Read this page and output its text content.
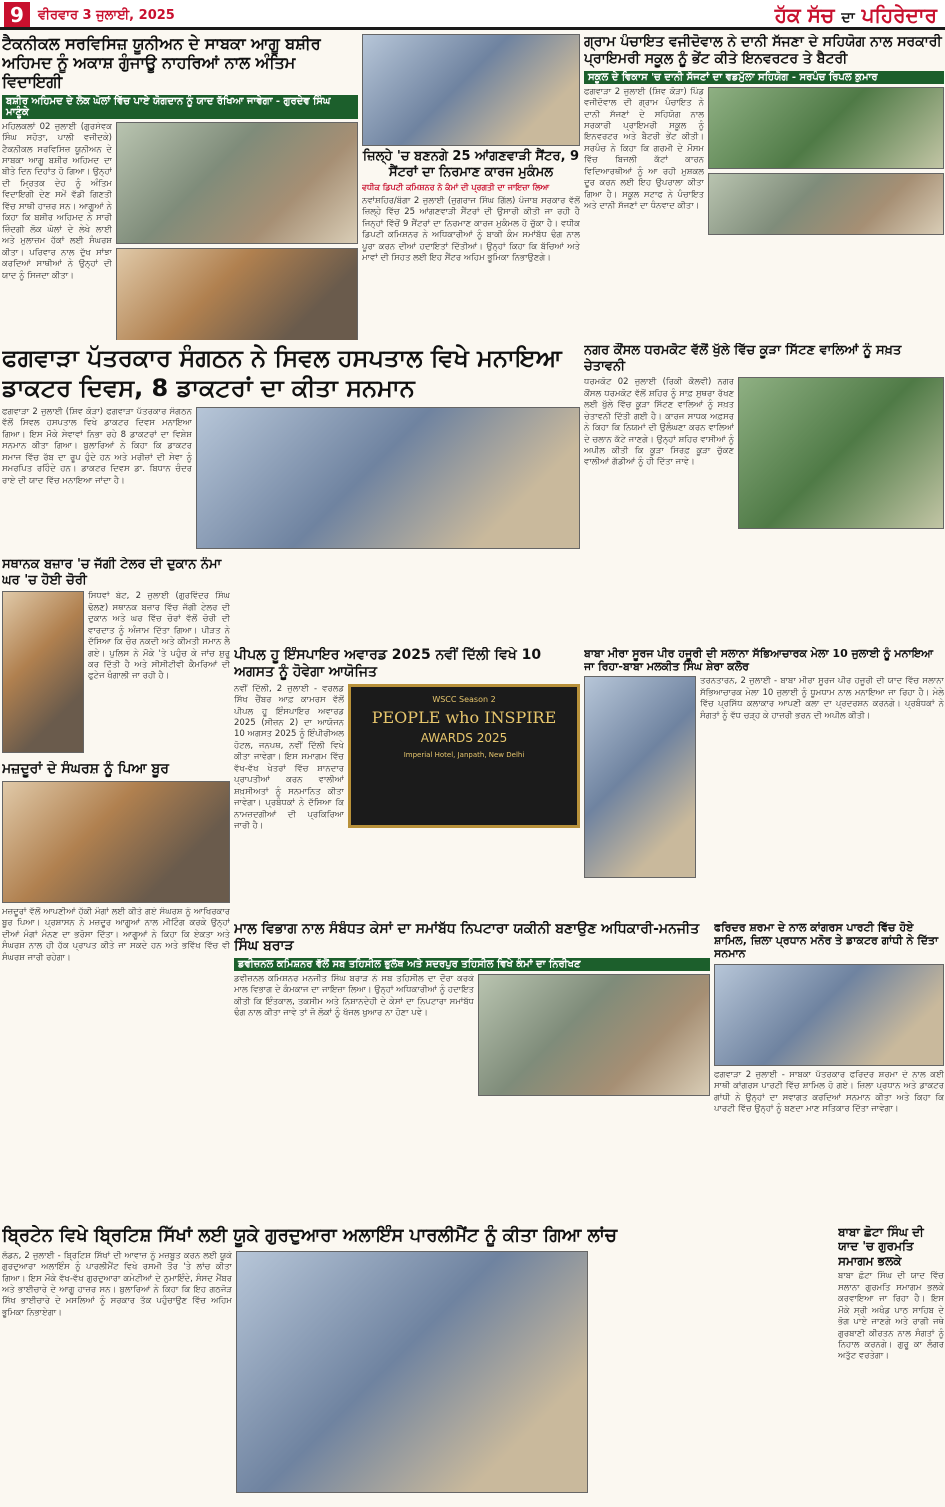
9	ਵੀਰਵਾਰ 3 ਜੁਲਾਈ, 2025	ਹੱਕ ਸੱਚ ਦਾ ਪਹਿਰੇਦਾਰ
ਟੈਕਨੀਕਲ ਸਰਵਿਸਿਜ਼ ਯੂਨੀਅਨ ਦੇ ਸਾਬਕਾ ਆਗੂ ਬਸ਼ੀਰ ਅਹਿਮਦ ਨੂੰ ਅਕਾਸ਼ ਗੁੰਜਾਊ ਨਾਹਰਿਆਂ ਨਾਲ ਅੰਤਿਮ ਵਿਦਾਇਗੀ
ਬਸ਼ੀਰ ਅਹਿਮਦ ਦੇ ਲੋਕ ਘੋਲਾਂ ਵਿੱਚ ਪਾਏ ਯੋਗਦਾਨ ਨੂੰ ਯਾਦ ਰੱਖਿਆ ਜਾਵੇਗਾ - ਗੁਰਦੇਵ ਸਿੰਘ ਮਾਣੂੰਕੇ
ਮਹਿਲਕਲਾਂ 02 ਜੁਲਾਈ (ਗੁਰਸੇਵਕ ਸਿੰਘ ਸਹੋਤਾ, ਪਾਲੀ ਵਜੀਦਕੇ) ਟੈਕਨੀਕਲ ਸਰਵਿਸਿਜ਼ ਯੂਨੀਅਨ ਦੇ ਸਾਬਕਾ ਆਗੂ ਬਸ਼ੀਰ ਅਹਿਮਦ ਦਾ ਬੀਤੇ ਦਿਨ ਦਿਹਾਂਤ ਹੋ ਗਿਆ। ਉਨ੍ਹਾਂ ਦੀ ਮ੍ਰਿਤਕ ਦੇਹ ਨੂੰ ਅੰਤਿਮ ਵਿਦਾਇਗੀ ਦੇਣ ਸਮੇਂ ਵੱਡੀ ਗਿਣਤੀ ਵਿੱਚ ਸਾਥੀ ਹਾਜ਼ਰ ਸਨ। ਆਗੂਆਂ ਨੇ ਕਿਹਾ ਕਿ ਬਸ਼ੀਰ ਅਹਿਮਦ ਨੇ ਸਾਰੀ ਜ਼ਿੰਦਗੀ ਲੋਕ ਘੋਲਾਂ ਦੇ ਲੇਖੇ ਲਾਈ ਅਤੇ ਮੁਲਾਜ਼ਮ ਹੱਕਾਂ ਲਈ ਸੰਘਰਸ਼ ਕੀਤਾ। ਪਰਿਵਾਰ ਨਾਲ ਦੁੱਖ ਸਾਂਝਾ ਕਰਦਿਆਂ ਸਾਥੀਆਂ ਨੇ ਉਨ੍ਹਾਂ ਦੀ ਯਾਦ ਨੂੰ ਸਿਜਦਾ ਕੀਤਾ।
ਜ਼ਿਲ੍ਹੇ 'ਚ ਬਣਨਗੇ 25 ਆਂਗਣਵਾੜੀ ਸੈਂਟਰ, 9 ਸੈਂਟਰਾਂ ਦਾ ਨਿਰਮਾਣ ਕਾਰਜ ਮੁਕੰਮਲ
ਵਧੀਕ ਡਿਪਟੀ ਕਮਿਸ਼ਨਰ ਨੇ ਕੰਮਾਂ ਦੀ ਪ੍ਰਗਤੀ ਦਾ ਜਾਇਜ਼ਾ ਲਿਆ
ਨਵਾਂਸ਼ਹਿਰ/ਬੰਗਾ 2 ਜੁਲਾਈ (ਜੁਗਰਾਜ ਸਿੰਘ ਗਿੱਲ) ਪੰਜਾਬ ਸਰਕਾਰ ਵੱਲੋਂ ਜ਼ਿਲ੍ਹੇ ਵਿੱਚ 25 ਆਂਗਣਵਾੜੀ ਸੈਂਟਰਾਂ ਦੀ ਉਸਾਰੀ ਕੀਤੀ ਜਾ ਰਹੀ ਹੈ ਜਿਨ੍ਹਾਂ ਵਿੱਚੋਂ 9 ਸੈਂਟਰਾਂ ਦਾ ਨਿਰਮਾਣ ਕਾਰਜ ਮੁਕੰਮਲ ਹੋ ਚੁੱਕਾ ਹੈ। ਵਧੀਕ ਡਿਪਟੀ ਕਮਿਸ਼ਨਰ ਨੇ ਅਧਿਕਾਰੀਆਂ ਨੂੰ ਬਾਕੀ ਕੰਮ ਸਮਾਂਬੱਧ ਢੰਗ ਨਾਲ ਪੂਰਾ ਕਰਨ ਦੀਆਂ ਹਦਾਇਤਾਂ ਦਿੱਤੀਆਂ। ਉਨ੍ਹਾਂ ਕਿਹਾ ਕਿ ਬੱਚਿਆਂ ਅਤੇ ਮਾਵਾਂ ਦੀ ਸਿਹਤ ਲਈ ਇਹ ਸੈਂਟਰ ਅਹਿਮ ਭੂਮਿਕਾ ਨਿਭਾਉਣਗੇ।
ਗ੍ਰਾਮ ਪੰਚਾਇਤ ਵਜੀਦੋਵਾਲ ਨੇ ਦਾਨੀ ਸੱਜਣਾ ਦੇ ਸਹਿਯੋਗ ਨਾਲ ਸਰਕਾਰੀ ਪ੍ਰਾਇਮਰੀ ਸਕੂਲ ਨੂੰ ਭੇਂਟ ਕੀਤੇ ਇਨਵਰਟਰ ਤੇ ਬੈਟਰੀ
ਸਕੂਲ ਦੇ ਵਿਕਾਸ 'ਚ ਦਾਨੀ ਸੱਜਣਾਂ ਦਾ ਵਡਮੁੱਲਾ ਸਹਿਯੋਗ - ਸਰਪੰਚ ਰਿਪਲ ਕੁਮਾਰ
ਫਗਵਾੜਾ 2 ਜੁਲਾਈ (ਸ਼ਿਵ ਕੋੜਾ) ਪਿੰਡ ਵਜੀਦੋਵਾਲ ਦੀ ਗ੍ਰਾਮ ਪੰਚਾਇਤ ਨੇ ਦਾਨੀ ਸੱਜਣਾਂ ਦੇ ਸਹਿਯੋਗ ਨਾਲ ਸਰਕਾਰੀ ਪ੍ਰਾਇਮਰੀ ਸਕੂਲ ਨੂੰ ਇਨਵਰਟਰ ਅਤੇ ਬੈਟਰੀ ਭੇਂਟ ਕੀਤੀ। ਸਰਪੰਚ ਨੇ ਕਿਹਾ ਕਿ ਗਰਮੀ ਦੇ ਮੌਸਮ ਵਿੱਚ ਬਿਜਲੀ ਕੱਟਾਂ ਕਾਰਨ ਵਿਦਿਆਰਥੀਆਂ ਨੂੰ ਆ ਰਹੀ ਮੁਸ਼ਕਲ ਦੂਰ ਕਰਨ ਲਈ ਇਹ ਉਪਰਾਲਾ ਕੀਤਾ ਗਿਆ ਹੈ। ਸਕੂਲ ਸਟਾਫ ਨੇ ਪੰਚਾਇਤ ਅਤੇ ਦਾਨੀ ਸੱਜਣਾਂ ਦਾ ਧੰਨਵਾਦ ਕੀਤਾ।
ਫਗਵਾੜਾ ਪੱਤਰਕਾਰ ਸੰਗਠਨ ਨੇ ਸਿਵਲ ਹਸਪਤਾਲ ਵਿਖੇ ਮਨਾਇਆ ਡਾਕਟਰ ਦਿਵਸ, 8 ਡਾਕਟਰਾਂ ਦਾ ਕੀਤਾ ਸਨਮਾਨ
ਫਗਵਾੜਾ 2 ਜੁਲਾਈ (ਸ਼ਿਵ ਕੋੜਾ) ਫਗਵਾੜਾ ਪੱਤਰਕਾਰ ਸੰਗਠਨ ਵੱਲੋਂ ਸਿਵਲ ਹਸਪਤਾਲ ਵਿਖੇ ਡਾਕਟਰ ਦਿਵਸ ਮਨਾਇਆ ਗਿਆ। ਇਸ ਮੌਕੇ ਸੇਵਾਵਾਂ ਨਿਭਾ ਰਹੇ 8 ਡਾਕਟਰਾਂ ਦਾ ਵਿਸ਼ੇਸ਼ ਸਨਮਾਨ ਕੀਤਾ ਗਿਆ। ਬੁਲਾਰਿਆਂ ਨੇ ਕਿਹਾ ਕਿ ਡਾਕਟਰ ਸਮਾਜ ਵਿੱਚ ਰੱਬ ਦਾ ਰੂਪ ਹੁੰਦੇ ਹਨ ਅਤੇ ਮਰੀਜ਼ਾਂ ਦੀ ਸੇਵਾ ਨੂੰ ਸਮਰਪਿਤ ਰਹਿੰਦੇ ਹਨ। ਡਾਕਟਰ ਦਿਵਸ ਡਾ. ਬਿਧਾਨ ਚੰਦਰ ਰਾਏ ਦੀ ਯਾਦ ਵਿੱਚ ਮਨਾਇਆ ਜਾਂਦਾ ਹੈ।
ਨਗਰ ਕੌਂਸਲ ਧਰਮਕੋਟ ਵੱਲੋਂ ਖੁੱਲੇ ਵਿੱਚ ਕੂੜਾ ਸਿੱਟਣ ਵਾਲਿਆਂ ਨੂੰ ਸਖ਼ਤ ਚੇਤਾਵਨੀ
ਧਰਮਕੋਟ 02 ਜੁਲਾਈ (ਰਿਕੀ ਕੈਲਵੀ) ਨਗਰ ਕੌਂਸਲ ਧਰਮਕੋਟ ਵੱਲੋਂ ਸ਼ਹਿਰ ਨੂੰ ਸਾਫ਼ ਸੁਥਰਾ ਰੱਖਣ ਲਈ ਖੁੱਲੇ ਵਿੱਚ ਕੂੜਾ ਸਿੱਟਣ ਵਾਲਿਆਂ ਨੂੰ ਸਖ਼ਤ ਚੇਤਾਵਨੀ ਦਿੱਤੀ ਗਈ ਹੈ। ਕਾਰਜ ਸਾਧਕ ਅਫ਼ਸਰ ਨੇ ਕਿਹਾ ਕਿ ਨਿਯਮਾਂ ਦੀ ਉਲੰਘਣਾ ਕਰਨ ਵਾਲਿਆਂ ਦੇ ਚਲਾਨ ਕੱਟੇ ਜਾਣਗੇ। ਉਨ੍ਹਾਂ ਸ਼ਹਿਰ ਵਾਸੀਆਂ ਨੂੰ ਅਪੀਲ ਕੀਤੀ ਕਿ ਕੂੜਾ ਸਿਰਫ਼ ਕੂੜਾ ਚੁੱਕਣ ਵਾਲੀਆਂ ਗੱਡੀਆਂ ਨੂੰ ਹੀ ਦਿੱਤਾ ਜਾਵੇ।
ਸਥਾਨਕ ਬਜ਼ਾਰ 'ਚ ਜੱਗੀ ਟੇਲਰ ਦੀ ਦੁਕਾਨ ਨੰਮਾ ਘਰ 'ਚ ਹੋਈ ਚੋਰੀ
ਸਿਧਵਾਂ ਬੇਟ, 2 ਜੁਲਾਈ (ਗੁਰਵਿੰਦਰ ਸਿੰਘ ਢੋਲਣ) ਸਥਾਨਕ ਬਜ਼ਾਰ ਵਿੱਚ ਜੱਗੀ ਟੇਲਰ ਦੀ ਦੁਕਾਨ ਅਤੇ ਘਰ ਵਿੱਚ ਚੋਰਾਂ ਵੱਲੋਂ ਚੋਰੀ ਦੀ ਵਾਰਦਾਤ ਨੂੰ ਅੰਜਾਮ ਦਿੱਤਾ ਗਿਆ। ਪੀੜਤ ਨੇ ਦੱਸਿਆ ਕਿ ਚੋਰ ਨਕਦੀ ਅਤੇ ਕੀਮਤੀ ਸਮਾਨ ਲੈ ਗਏ। ਪੁਲਿਸ ਨੇ ਮੌਕੇ 'ਤੇ ਪਹੁੰਚ ਕੇ ਜਾਂਚ ਸ਼ੁਰੂ ਕਰ ਦਿੱਤੀ ਹੈ ਅਤੇ ਸੀਸੀਟੀਵੀ ਕੈਮਰਿਆਂ ਦੀ ਫੁਟੇਜ ਖੰਗਾਲੀ ਜਾ ਰਹੀ ਹੈ।
ਪੀਪਲ ਹੂ ਇੰਸਪਾਇਰ ਅਵਾਰਡ 2025 ਨਵੀਂ ਦਿੱਲੀ ਵਿਖੇ 10 ਅਗਸਤ ਨੂੰ ਹੋਵੇਗਾ ਆਯੋਜਿਤ
ਨਵੀਂ ਦਿੱਲੀ, 2 ਜੁਲਾਈ - ਵਰਲਡ ਸਿੱਖ ਚੈਂਬਰ ਆਫ਼ ਕਾਮਰਸ ਵੱਲੋਂ ਪੀਪਲ ਹੂ ਇੰਸਪਾਇਰ ਅਵਾਰਡ 2025 (ਸੀਜ਼ਨ 2) ਦਾ ਆਯੋਜਨ 10 ਅਗਸਤ 2025 ਨੂੰ ਇੰਪੀਰੀਅਲ ਹੋਟਲ, ਜਨਪਥ, ਨਵੀਂ ਦਿੱਲੀ ਵਿਖੇ ਕੀਤਾ ਜਾਵੇਗਾ। ਇਸ ਸਮਾਗਮ ਵਿੱਚ ਵੱਖ-ਵੱਖ ਖੇਤਰਾਂ ਵਿੱਚ ਸ਼ਾਨਦਾਰ ਪ੍ਰਾਪਤੀਆਂ ਕਰਨ ਵਾਲੀਆਂ ਸ਼ਖ਼ਸੀਅਤਾਂ ਨੂੰ ਸਨਮਾਨਿਤ ਕੀਤਾ ਜਾਵੇਗਾ। ਪ੍ਰਬੰਧਕਾਂ ਨੇ ਦੱਸਿਆ ਕਿ ਨਾਮਜ਼ਦਗੀਆਂ ਦੀ ਪ੍ਰਕਿਰਿਆ ਜਾਰੀ ਹੈ।
WSCC Season 2
PEOPLE who INSPIRE
AWARDS 2025
Imperial Hotel, Janpath, New Delhi
ਬਾਬਾ ਮੀਰਾ ਸੂਰਜ ਪੀਰ ਹਜੂਰੀ ਦੀ ਸਲਾਨਾ ਸੱਭਿਆਚਾਰਕ ਮੇਲਾ 10 ਜੁਲਾਈ ਨੂੰ ਮਨਾਇਆ ਜਾ ਰਿਹਾ-ਬਾਬਾ ਮਲਕੀਤ ਸਿੰਘ ਸ਼ੇਰਾ ਕਲੋਰ
ਤਰਨਤਾਰਨ, 2 ਜੁਲਾਈ - ਬਾਬਾ ਮੀਰਾ ਸੂਰਜ ਪੀਰ ਹਜੂਰੀ ਦੀ ਯਾਦ ਵਿੱਚ ਸਲਾਨਾ ਸੱਭਿਆਚਾਰਕ ਮੇਲਾ 10 ਜੁਲਾਈ ਨੂੰ ਧੂਮਧਾਮ ਨਾਲ ਮਨਾਇਆ ਜਾ ਰਿਹਾ ਹੈ। ਮੇਲੇ ਵਿੱਚ ਪ੍ਰਸਿੱਧ ਕਲਾਕਾਰ ਆਪਣੀ ਕਲਾ ਦਾ ਪ੍ਰਦਰਸ਼ਨ ਕਰਨਗੇ। ਪ੍ਰਬੰਧਕਾਂ ਨੇ ਸੰਗਤਾਂ ਨੂੰ ਵੱਧ ਚੜ੍ਹ ਕੇ ਹਾਜ਼ਰੀ ਭਰਨ ਦੀ ਅਪੀਲ ਕੀਤੀ।
ਮਜ਼ਦੂਰਾਂ ਦੇ ਸੰਘਰਸ਼ ਨੂੰ ਪਿਆ ਬੂਰ
ਮਜ਼ਦੂਰਾਂ ਵੱਲੋਂ ਆਪਣੀਆਂ ਹੱਕੀ ਮੰਗਾਂ ਲਈ ਕੀਤੇ ਗਏ ਸੰਘਰਸ਼ ਨੂੰ ਆਖਿਰਕਾਰ ਬੂਰ ਪਿਆ। ਪ੍ਰਸ਼ਾਸਨ ਨੇ ਮਜ਼ਦੂਰ ਆਗੂਆਂ ਨਾਲ ਮੀਟਿੰਗ ਕਰਕੇ ਉਨ੍ਹਾਂ ਦੀਆਂ ਮੰਗਾਂ ਮੰਨਣ ਦਾ ਭਰੋਸਾ ਦਿੱਤਾ। ਆਗੂਆਂ ਨੇ ਕਿਹਾ ਕਿ ਏਕਤਾ ਅਤੇ ਸੰਘਰਸ਼ ਨਾਲ ਹੀ ਹੱਕ ਪ੍ਰਾਪਤ ਕੀਤੇ ਜਾ ਸਕਦੇ ਹਨ ਅਤੇ ਭਵਿੱਖ ਵਿੱਚ ਵੀ ਸੰਘਰਸ਼ ਜਾਰੀ ਰਹੇਗਾ।
ਮਾਲ ਵਿਭਾਗ ਨਾਲ ਸੰਬੰਧਤ ਕੇਸਾਂ ਦਾ ਸਮਾਂਬੱਧ ਨਿਪਟਾਰਾ ਯਕੀਨੀ ਬਣਾਉਣ ਅਧਿਕਾਰੀ-ਮਨਜੀਤ ਸਿੰਘ ਬਰਾੜ
ਡਵੀਜ਼ਨਲ ਕਮਿਸ਼ਨਰ ਵੱਲੋਂ ਸਬ ਤਹਿਸੀਲ ਭੁਲੱਥ ਅਤੇ ਸਦਰਪੁਰ ਤਹਿਸੀਲ ਵਿਖੇ ਕੰਮਾਂ ਦਾ ਨਿਰੀਖਣ
ਡਵੀਜ਼ਨਲ ਕਮਿਸ਼ਨਰ ਮਨਜੀਤ ਸਿੰਘ ਬਰਾੜ ਨੇ ਸਬ ਤਹਿਸੀਲ ਦਾ ਦੌਰਾ ਕਰਕੇ ਮਾਲ ਵਿਭਾਗ ਦੇ ਕੰਮਕਾਜ ਦਾ ਜਾਇਜ਼ਾ ਲਿਆ। ਉਨ੍ਹਾਂ ਅਧਿਕਾਰੀਆਂ ਨੂੰ ਹਦਾਇਤ ਕੀਤੀ ਕਿ ਇੰਤਕਾਲ, ਤਕਸੀਮ ਅਤੇ ਨਿਸ਼ਾਨਦੇਹੀ ਦੇ ਕੇਸਾਂ ਦਾ ਨਿਪਟਾਰਾ ਸਮਾਂਬੱਧ ਢੰਗ ਨਾਲ ਕੀਤਾ ਜਾਵੇ ਤਾਂ ਜੋ ਲੋਕਾਂ ਨੂੰ ਖੱਜਲ ਖੁਆਰ ਨਾ ਹੋਣਾ ਪਵੇ।
ਫਰਿਦਰ ਸ਼ਰਮਾ ਦੇ ਨਾਲ ਕਾਂਗਰਸ ਪਾਰਟੀ ਵਿੱਚ ਹੋਏ ਸ਼ਾਮਿਲ, ਜ਼ਿਲਾ ਪ੍ਰਧਾਨ ਮਨੋਰ ਤੇ ਡਾਕਟਰ ਗਾਂਧੀ ਨੇ ਦਿੱਤਾ ਸਨਮਾਨ
ਫਗਵਾੜਾ 2 ਜੁਲਾਈ - ਸਾਬਕਾ ਪੱਤਰਕਾਰ ਫਰਿਦਰ ਸ਼ਰਮਾ ਦੇ ਨਾਲ ਕਈ ਸਾਥੀ ਕਾਂਗਰਸ ਪਾਰਟੀ ਵਿੱਚ ਸ਼ਾਮਿਲ ਹੋ ਗਏ। ਜ਼ਿਲਾ ਪ੍ਰਧਾਨ ਅਤੇ ਡਾਕਟਰ ਗਾਂਧੀ ਨੇ ਉਨ੍ਹਾਂ ਦਾ ਸਵਾਗਤ ਕਰਦਿਆਂ ਸਨਮਾਨ ਕੀਤਾ ਅਤੇ ਕਿਹਾ ਕਿ ਪਾਰਟੀ ਵਿੱਚ ਉਨ੍ਹਾਂ ਨੂੰ ਬਣਦਾ ਮਾਣ ਸਤਿਕਾਰ ਦਿੱਤਾ ਜਾਵੇਗਾ।
ਬ੍ਰਿਟੇਨ ਵਿਖੇ ਬ੍ਰਿਟਿਸ਼ ਸਿੱਖਾਂ ਲਈ ਯੂਕੇ ਗੁਰਦੁਆਰਾ ਅਲਾਇੰਸ ਪਾਰਲੀਮੈਂਟ ਨੂੰ ਕੀਤਾ ਗਿਆ ਲਾਂਚ
ਲੰਡਨ, 2 ਜੁਲਾਈ - ਬ੍ਰਿਟਿਸ਼ ਸਿੱਖਾਂ ਦੀ ਆਵਾਜ਼ ਨੂੰ ਮਜ਼ਬੂਤ ਕਰਨ ਲਈ ਯੂਕੇ ਗੁਰਦੁਆਰਾ ਅਲਾਇੰਸ ਨੂੰ ਪਾਰਲੀਮੈਂਟ ਵਿਖੇ ਰਸਮੀ ਤੌਰ 'ਤੇ ਲਾਂਚ ਕੀਤਾ ਗਿਆ। ਇਸ ਮੌਕੇ ਵੱਖ-ਵੱਖ ਗੁਰਦੁਆਰਾ ਕਮੇਟੀਆਂ ਦੇ ਨੁਮਾਇੰਦੇ, ਸੰਸਦ ਮੈਂਬਰ ਅਤੇ ਭਾਈਚਾਰੇ ਦੇ ਆਗੂ ਹਾਜ਼ਰ ਸਨ। ਬੁਲਾਰਿਆਂ ਨੇ ਕਿਹਾ ਕਿ ਇਹ ਗਠਜੋੜ ਸਿੱਖ ਭਾਈਚਾਰੇ ਦੇ ਮਸਲਿਆਂ ਨੂੰ ਸਰਕਾਰ ਤੱਕ ਪਹੁੰਚਾਉਣ ਵਿੱਚ ਅਹਿਮ ਭੂਮਿਕਾ ਨਿਭਾਏਗਾ।
ਬਾਬਾ ਛੋਟਾ ਸਿੰਘ ਦੀ ਯਾਦ 'ਚ ਗੁਰਮਤਿ ਸਮਾਗਮ ਭਲਕੇ
ਬਾਬਾ ਛੋਟਾ ਸਿੰਘ ਦੀ ਯਾਦ ਵਿੱਚ ਸਲਾਨਾ ਗੁਰਮਤਿ ਸਮਾਗਮ ਭਲਕੇ ਕਰਵਾਇਆ ਜਾ ਰਿਹਾ ਹੈ। ਇਸ ਮੌਕੇ ਸ੍ਰੀ ਅਖੰਡ ਪਾਠ ਸਾਹਿਬ ਦੇ ਭੋਗ ਪਾਏ ਜਾਣਗੇ ਅਤੇ ਰਾਗੀ ਜਥੇ ਗੁਰਬਾਣੀ ਕੀਰਤਨ ਨਾਲ ਸੰਗਤਾਂ ਨੂੰ ਨਿਹਾਲ ਕਰਨਗੇ। ਗੁਰੂ ਕਾ ਲੰਗਰ ਅਤੁੱਟ ਵਰਤੇਗਾ।
